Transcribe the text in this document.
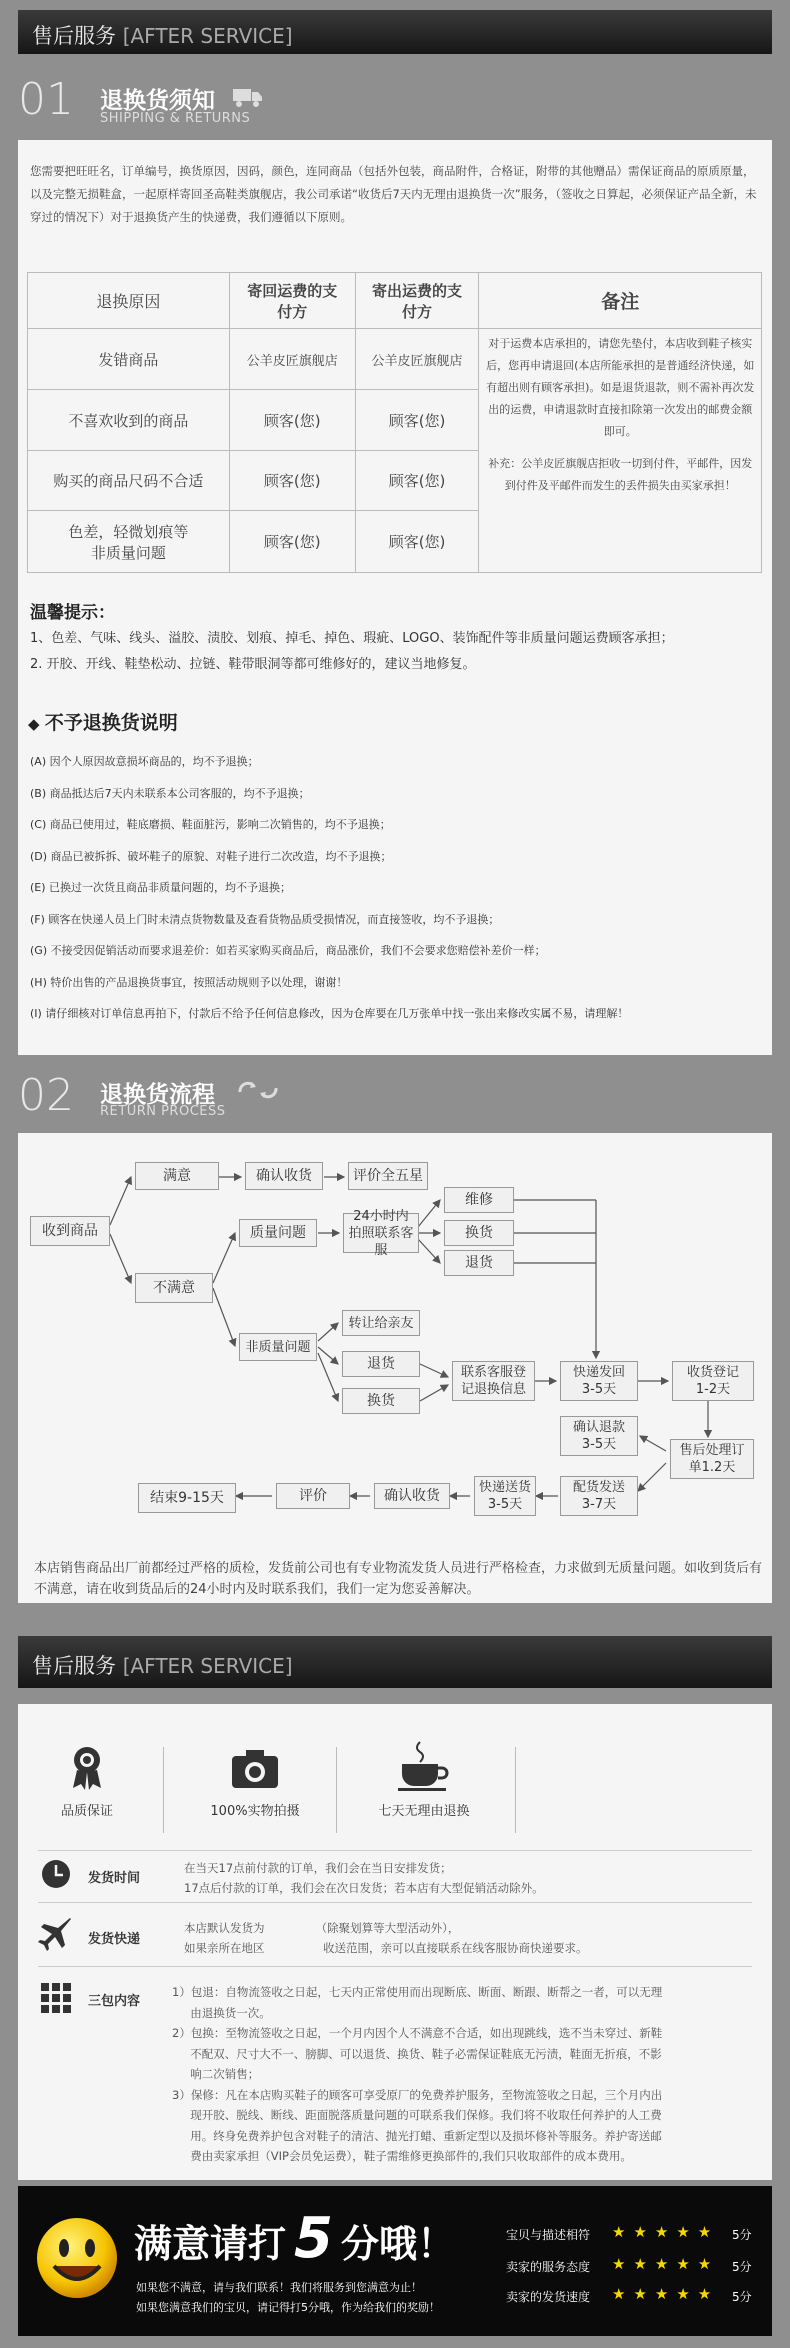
售后服务 [AFTER SERVICE]
01 退换货须知
SHIPPING & RETURNS
您需要把旺旺名，订单编号，换货原因，因码，颜色，连同商品（包括外包装，商品附件，合格证，附带的其他赠品）需保证商品的原质原量，以及完整无损鞋盒，一起原样寄回圣高鞋类旗舰店，我公司承诺“收货后7天内无理由退换货一次”服务，（签收之日算起，必须保证产品全新，未穿过的情况下）对于退换货产生的快递费，我们遵循以下原则。
退换原因	寄回运费的支付方	寄出运费的支付方	备注
发错商品	公羊皮匠旗舰店	公羊皮匠旗舰店	对于运费本店承担的，请您先垫付，本店收到鞋子核实后，您再申请退回(本店所能承担的是普通经济快递，如有超出则有顾客承担)。如是退货退款，则不需补再次发出的运费，申请退款时直接扣除第一次发出的邮费金额即可。
补充：公羊皮匠旗舰店拒收一切到付件，平邮件，因发到付件及平邮件而发生的丢件损失由买家承担！

不喜欢收到的商品	顾客(您)	顾客(您)	
购买的商品尺码不合适	顾客(您)	顾客(您)	
色差，轻微划痕等非质量问题	顾客(您)	顾客(您)	
温馨提示：
1、色差、气味、线头、溢胶、渍胶、划痕、掉毛、掉色、瑕疵、LOGO、装饰配件等非质量问题运费顾客承担；
2. 开胶、开线、鞋垫松动、拉链、鞋带眼洞等都可维修好的，建议当地修复。
◆ 不予退换货说明
(A) 因个人原因故意损坏商品的，均不予退换；
(B) 商品抵达后7天内未联系本公司客服的，均不予退换；
(C) 商品已使用过，鞋底磨损、鞋面脏污，影响二次销售的，均不予退换；
(D) 商品已被拆拆、破坏鞋子的原貌、对鞋子进行二次改造，均不予退换；
(E) 已换过一次货且商品非质量问题的，均不予退换；
(F) 顾客在快递人员上门时未清点货物数量及查看货物品质受损情况，而直接签收，均不予退换；
(G) 不接受因促销活动而要求退差价：如若买家购买商品后，商品涨价，我们不会要求您赔偿补差价一样；
(H) 特价出售的产品退换货事宜，按照活动规则予以处理，谢谢！
(I) 请仔细核对订单信息再拍下，付款后不给予任何信息修改，因为仓库要在几万张单中找一张出来修改实属不易，请理解！
02 退换货流程
RETURN PROCESS
收到商品
满意	确认收货	评价全五星
不满意
质量问题
24小时内拍照联系客服
维修
换货
退货
非质量问题
转让给亲友
退货
换货
联系客服登记退换信息
快递发回3-5天
收货登记1-2天
确认退款3-5天	售后处理订单1.2天
配货发送3-7天
快递送货3-5天
确认收货
评价
结束9-15天
本店销售商品出厂前都经过严格的质检，发货前公司也有专业物流发货人员进行严格检查，力求做到无质量问题。如收到货后有不满意，请在收到货品后的24小时内及时联系我们，我们一定为您妥善解决。
售后服务 [AFTER SERVICE]
品质保证	100%实物拍摄	七天无理由退换
发货时间
在当天17点前付款的订单，我们会在当日安排发货；
17点后付款的订单，我们会在次日发货；若本店有大型促销活动除外。
发货快递
本店默认发货为              （除聚划算等大型活动外），
如果亲所在地区                收送范围，亲可以直接联系在线客服协商快递要求。
三包内容
1）包退：自物流签收之日起，七天内正常使用而出现断底、断面、断跟、断帮之一者，可以无理
由退换货一次。
2）包换：至物流签收之日起，一个月内因个人不满意不合适，如出现跳线，选不当未穿过、新鞋
不配双、尺寸大不一、膀脚、可以退货、换货、鞋子必需保证鞋底无污渍，鞋面无折痕，不影
响二次销售；
3）保修：凡在本店购买鞋子的顾客可享受原厂的免费养护服务，至物流签收之日起，三个月内出
现开胶、脱线、断线、距面脱落质量问题的可联系我们保修。我们将不收取任何养护的人工费
用。终身免费养护包含对鞋子的清洁、抛光打蜡、重新定型以及损坏修补等服务。养护寄送邮
费由卖家承担（VIP会员免运费），鞋子需维修更换部件的,我们只收取部件的成本费用。
满意请打 5 分哦！
如果您不满意，请与我们联系！我们将服务到您满意为止！
如果您满意我们的宝贝，请记得打5分哦，作为给我们的奖励！
宝贝与描述相符 ★★★★★ 5分
卖家的服务态度 ★★★★★ 5分
卖家的发货速度 ★★★★★ 5分
